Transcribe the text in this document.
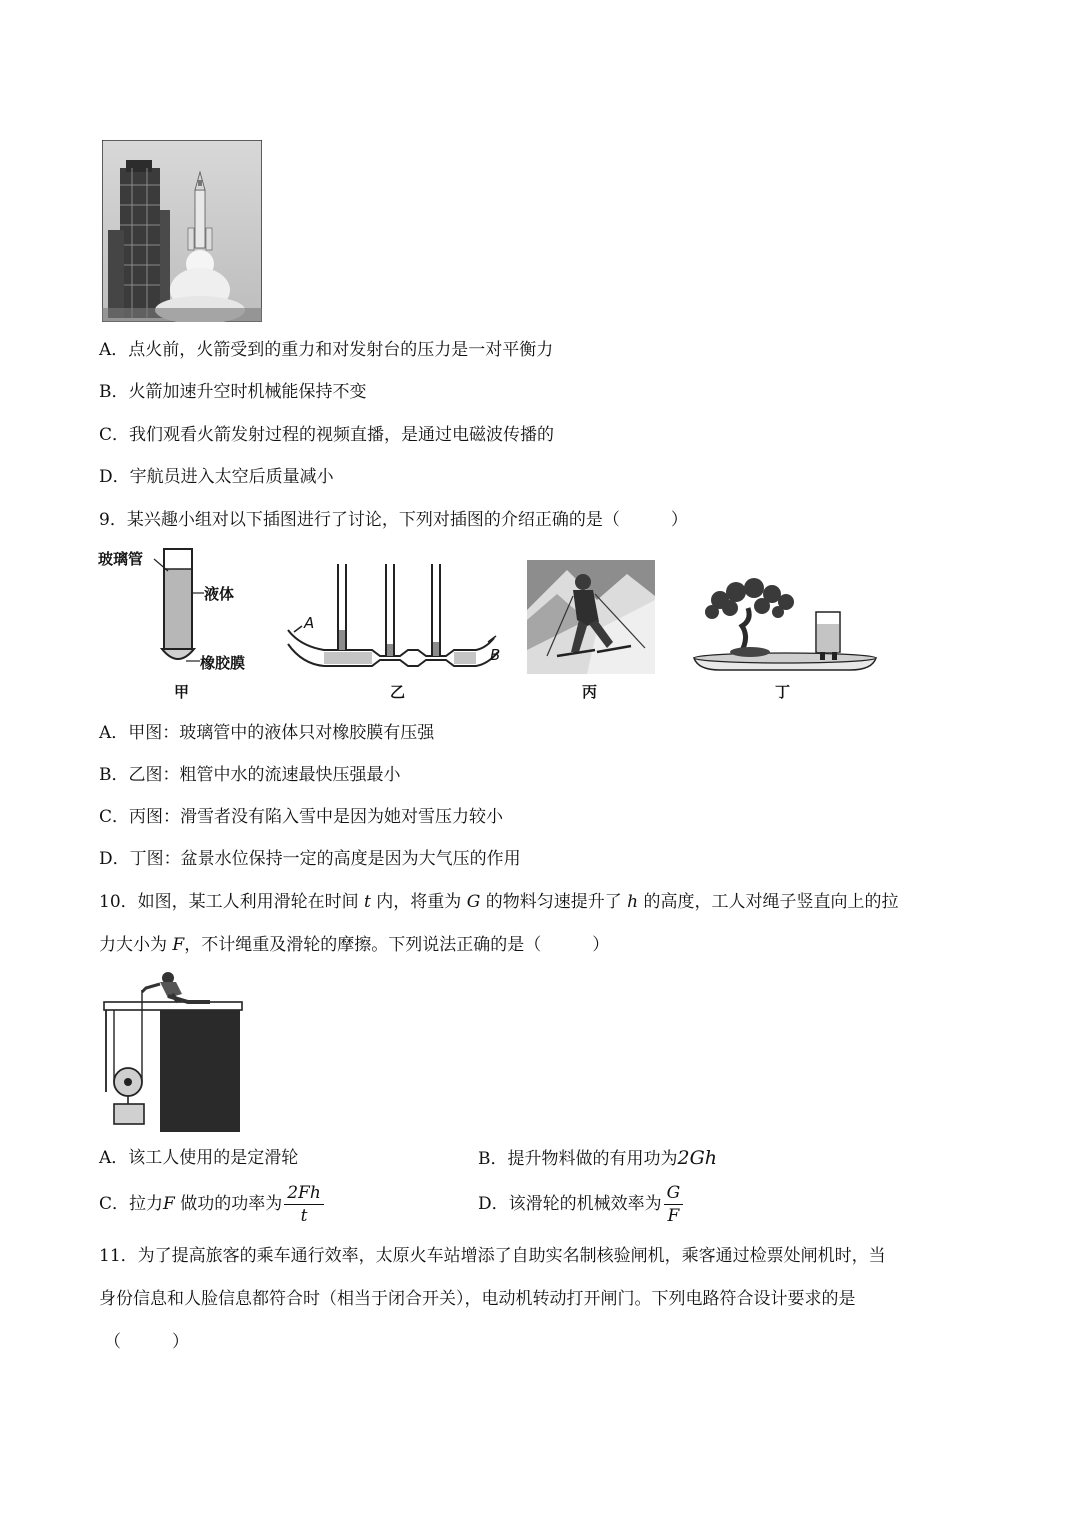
A．点火前，火箭受到的重力和对发射台的压力是一对平衡力
B．火箭加速升空时机械能保持不变
C．我们观看火箭发射过程的视频直播，是通过电磁波传播的
D．宇航员进入太空后质量减小
9．某兴趣小组对以下插图进行了讨论，下列对插图的介绍正确的是（　　　）
玻璃管
液体
橡胶膜
甲
A
B
乙	丙	丁
A．甲图：玻璃管中的液体只对橡胶膜有压强
B．乙图：粗管中水的流速最快压强最小
C．丙图：滑雪者没有陷入雪中是因为她对雪压力较小
D．丁图：盆景水位保持一定的高度是因为大气压的作用
10．如图，某工人利用滑轮在时间 t 内，将重为 G 的物料匀速提升了 h 的高度，工人对绳子竖直向上的拉
力大小为 F，不计绳重及滑轮的摩擦。下列说法正确的是（　　　）
A．该工人使用的是定滑轮	B．提升物料做的有用功为2Gh
C．拉力F 做功的功率为 $\frac{2Fh}{t}$	D．该滑轮的机械效率为 $\frac{G}{F}$
11．为了提高旅客的乘车通行效率，太原火车站增添了自助实名制核验闸机，乘客通过检票处闸机时，当
身份信息和人脸信息都符合时（相当于闭合开关），电动机转动打开闸门。下列电路符合设计要求的是
（　　　）
